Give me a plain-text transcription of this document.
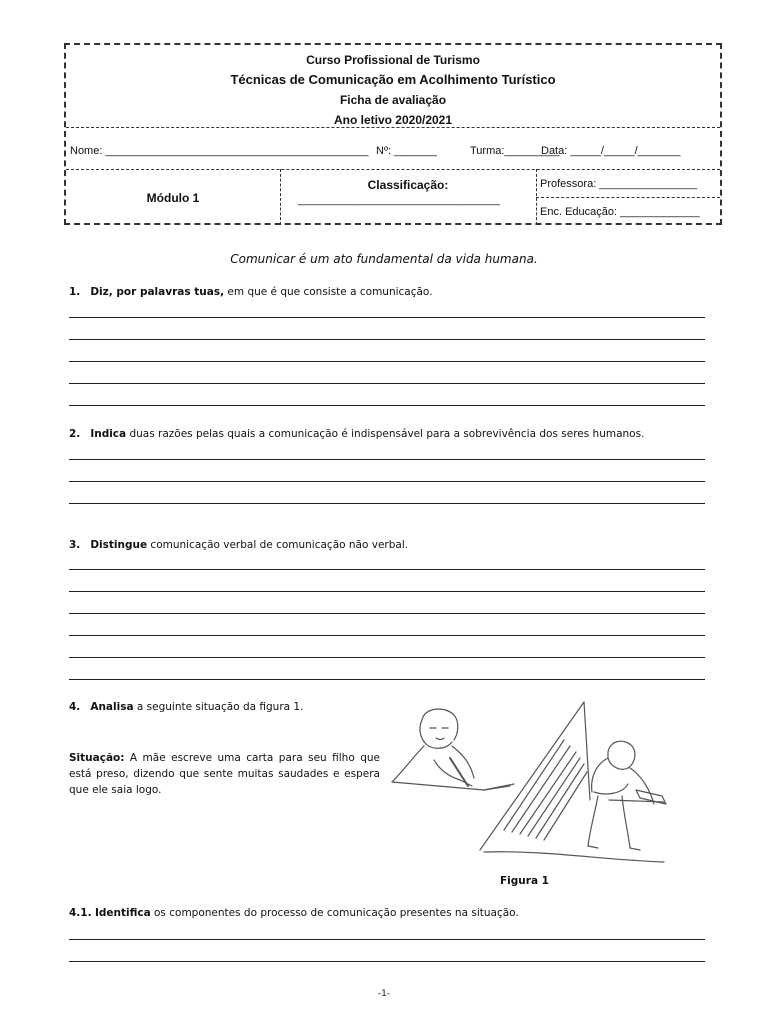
Curso Profissional de Turismo
Técnicas de Comunicação em Acolhimento Turístico
Ficha de avaliação
Ano letivo 2020/2021
Nome: ___________________________________________ Nº: _______	Turma:_________
Data: _____/_____/_______
Módulo 1
Classificação:
_________________________________
Professora: ________________
Enc. Educação: _____________
Comunicar é um ato fundamental da vida humana.
1. Diz, por palavras tuas, em que é que consiste a comunicação.
2. Indica duas razões pelas quais a comunicação é indispensável para a sobrevivência dos seres humanos.
3. Distingue comunicação verbal de comunicação não verbal.
4. Analisa a seguinte situação da figura 1.
Situação: A mãe escreve uma carta para seu filho que está preso, dizendo que sente muitas saudades e espera que ele saia logo.
Figura 1
4.1. Identifica os componentes do processo de comunicação presentes na situação.
-1-
